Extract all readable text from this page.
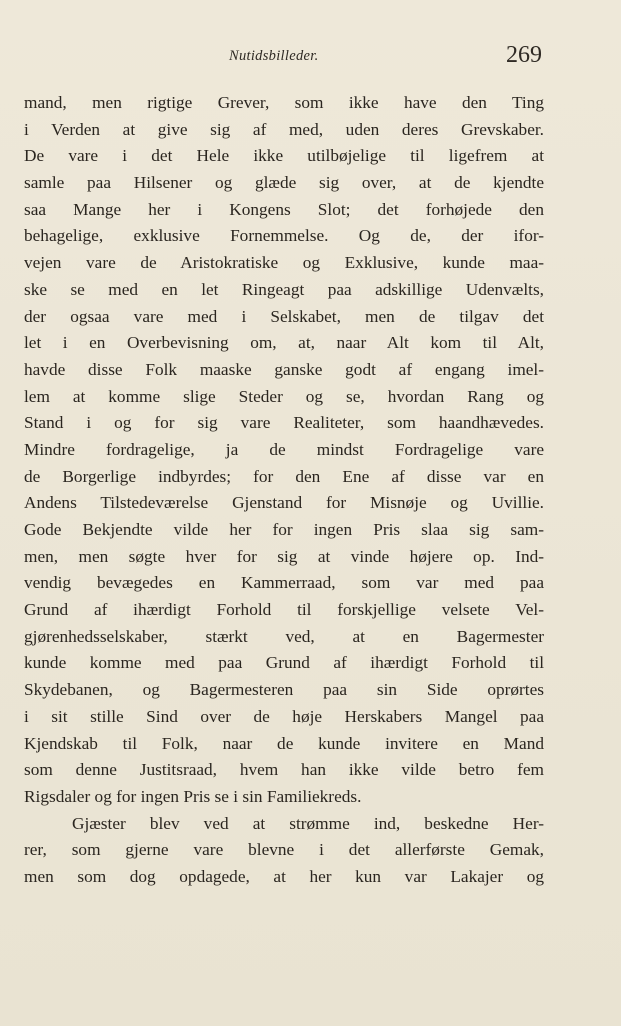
Nutidsbilleder.	269
mand, men rigtige Grever, som ikke have den Ting
i Verden at give sig af med, uden deres Grevskaber.
De vare i det Hele ikke utilbøjelige til ligefrem at
samle paa Hilsener og glæde sig over, at de kjendte
saa Mange her i Kongens Slot; det forhøjede den
behagelige, exklusive Fornemmelse. Og de, der ifor-
vejen vare de Aristokratiske og Exklusive, kunde maa-
ske se med en let Ringeagt paa adskillige Udenvælts,
der ogsaa vare med i Selskabet, men de tilgav det
let i en Overbevisning om, at, naar Alt kom til Alt,
havde disse Folk maaske ganske godt af engang imel-
lem at komme slige Steder og se, hvordan Rang og
Stand i og for sig vare Realiteter, som haandhævedes.
Mindre fordragelige, ja de mindst Fordragelige vare
de Borgerlige indbyrdes; for den Ene af disse var en
Andens Tilstedeværelse Gjenstand for Misnøje og Uvillie.
Gode Bekjendte vilde her for ingen Pris slaa sig sam-
men, men søgte hver for sig at vinde højere op. Ind-
vendig bevægedes en Kammerraad, som var med paa
Grund af ihærdigt Forhold til forskjellige velsete Vel-
gjørenhedsselskaber, stærkt ved, at en Bagermester
kunde komme med paa Grund af ihærdigt Forhold til
Skydebanen, og Bagermesteren paa sin Side oprørtes
i sit stille Sind over de høje Herskabers Mangel paa
Kjendskab til Folk, naar de kunde invitere en Mand
som denne Justitsraad, hvem han ikke vilde betro fem
Rigsdaler og for ingen Pris se i sin Familiekreds.
Gjæster blev ved at strømme ind, beskedne Her-
rer, som gjerne vare blevne i det allerførste Gemak,
men som dog opdagede, at her kun var Lakajer og
